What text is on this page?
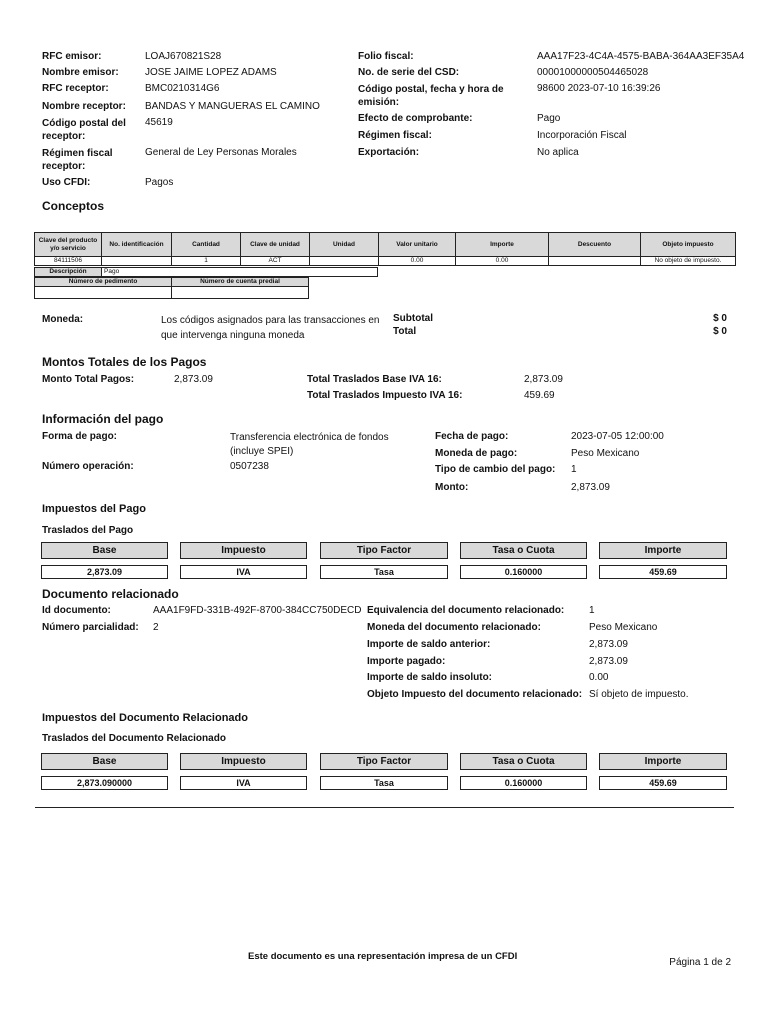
RFC emisor:	LOAJ670821S28
Nombre emisor:	JOSE JAIME LOPEZ ADAMS
RFC receptor:	BMC0210314G6
Nombre receptor: BANDAS Y MANGUERAS EL CAMINO
Código postal del receptor:
45619
Régimen fiscal receptor:
General de Ley Personas Morales
Uso CFDI:	Pagos
Folio fiscal:	AAA17F23-4C4A-4575-BABA-364AA3EF35A4
No. de serie del CSD:	00001000000504465028
Código postal, fecha y hora de emisión:
98600 2023-07-10 16:39:26
Efecto de comprobante:	Pago
Régimen fiscal:	Incorporación Fiscal
Exportación:	No aplica
Conceptos
Clave del producto y/o servicio	No. identificación	Cantidad	Clave de unidad	Unidad	Valor unitario	Importe	Descuento	Objeto impuesto
84111506		1	ACT		0.00	0.00		No objeto de impuesto.
Descripción	Pago
Número de pedimento	Número de cuenta predial

Moneda:	Los códigos asignados para las transacciones en que intervenga ninguna moneda
Subtotal	$ 0
Total	$ 0
Montos Totales de los Pagos
Monto Total Pagos:	2,873.09	Total Traslados Base IVA 16:	2,873.09
Total Traslados Impuesto IVA 16:	459.69
Información del pago
Forma de pago:	Transferencia electrónica de fondos (incluye SPEI)
Número operación:	0507238
Fecha de pago:	2023-07-05 12:00:00
Moneda de pago:	Peso Mexicano
Tipo de cambio del pago: 1
Monto:	2,873.09
Impuestos del Pago
Traslados del Pago
Base	Impuesto	Tipo Factor	Tasa o Cuota	Importe
2,873.09	IVA	Tasa	0.160000	459.69
Documento relacionado
Id documento:	AAA1F9FD-331B-492F-8700-384CC750DECD
Número parcialidad: 2
Equivalencia del documento relacionado: 1
Moneda del documento relacionado:	Peso Mexicano
Importe de saldo anterior:	2,873.09
Importe pagado:	2,873.09
Importe de saldo insoluto:	0.00
Objeto Impuesto del documento relacionado: Sí objeto de impuesto.
Impuestos del Documento Relacionado
Traslados del Documento Relacionado
Base	Impuesto	Tipo Factor	Tasa o Cuota	Importe
2,873.090000	IVA	Tasa	0.160000	459.69
Este documento es una representación impresa de un CFDI
Página 1 de 2
